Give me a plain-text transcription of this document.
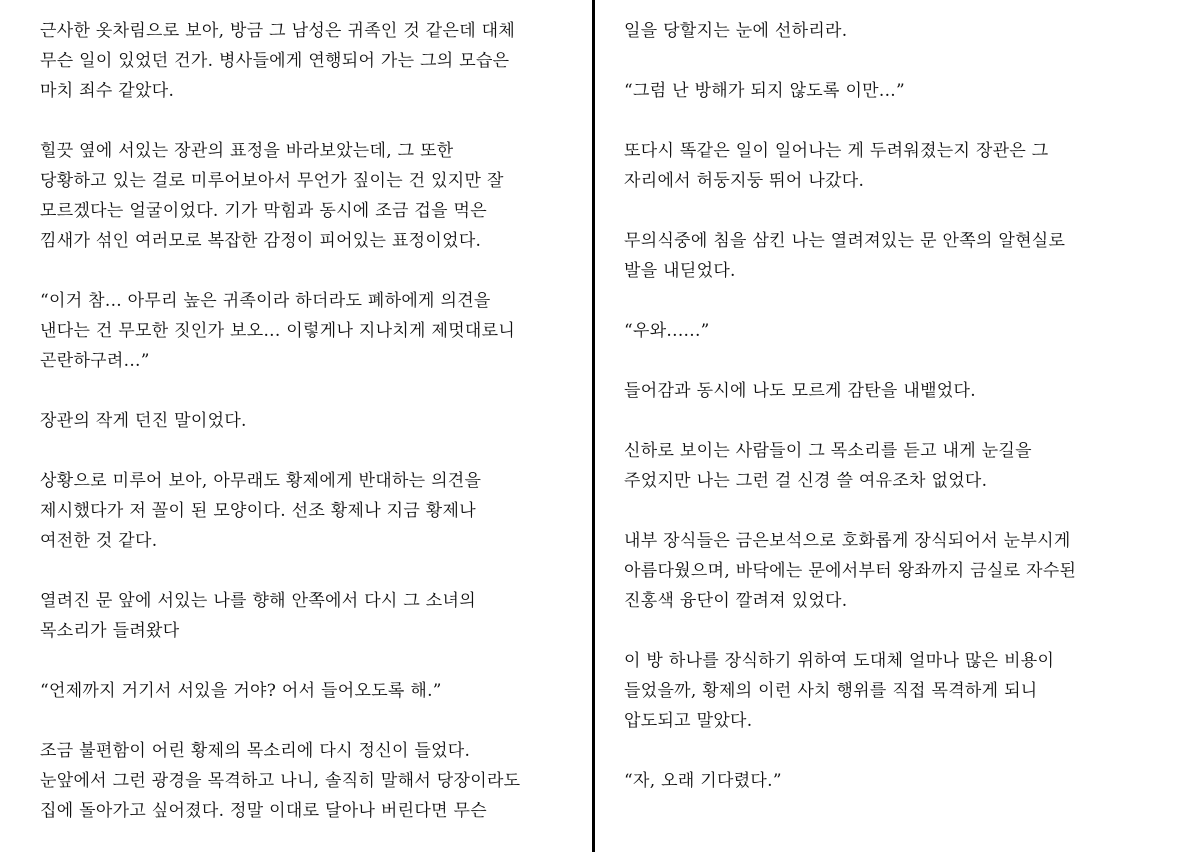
근사한 옷차림으로 보아, 방금 그 남성은 귀족인 것 같은데 대체
무슨 일이 있었던 건가. 병사들에게 연행되어 가는 그의 모습은
마치 죄수 같았다.
힐끗 옆에 서있는 장관의 표정을 바라보았는데, 그 또한
당황하고 있는 걸로 미루어보아서 무언가 짚이는 건 있지만 잘
모르겠다는 얼굴이었다. 기가 막힘과 동시에 조금 겁을 먹은
낌새가 섞인 여러모로 복잡한 감정이 피어있는 표정이었다.
“이거 참... 아무리 높은 귀족이라 하더라도 폐하에게 의견을
낸다는 건 무모한 짓인가 보오... 이렇게나 지나치게 제멋대로니
곤란하구려...”
장관의 작게 던진 말이었다.
상황으로 미루어 보아, 아무래도 황제에게 반대하는 의견을
제시했다가 저 꼴이 된 모양이다. 선조 황제나 지금 황제나
여전한 것 같다.
열려진 문 앞에 서있는 나를 향해 안쪽에서 다시 그 소녀의
목소리가 들려왔다
“언제까지 거기서 서있을 거야? 어서 들어오도록 해.”
조금 불편함이 어린 황제의 목소리에 다시 정신이 들었다.
눈앞에서 그런 광경을 목격하고 나니, 솔직히 말해서 당장이라도
집에 돌아가고 싶어졌다. 정말 이대로 달아나 버린다면 무슨
일을 당할지는 눈에 선하리라.
“그럼 난 방해가 되지 않도록 이만...”
또다시 똑같은 일이 일어나는 게 두려워졌는지 장관은 그
자리에서 허둥지둥 뛰어 나갔다.
무의식중에 침을 삼킨 나는 열려져있는 문 안쪽의 알현실로
발을 내딛었다.
“우와......”
들어감과 동시에 나도 모르게 감탄을 내뱉었다.
신하로 보이는 사람들이 그 목소리를 듣고 내게 눈길을
주었지만 나는 그런 걸 신경 쓸 여유조차 없었다.
내부 장식들은 금은보석으로 호화롭게 장식되어서 눈부시게
아름다웠으며, 바닥에는 문에서부터 왕좌까지 금실로 자수된
진홍색 융단이 깔려져 있었다.
이 방 하나를 장식하기 위하여 도대체 얼마나 많은 비용이
들었을까, 황제의 이런 사치 행위를 직접 목격하게 되니
압도되고 말았다.
“자, 오래 기다렸다.”
